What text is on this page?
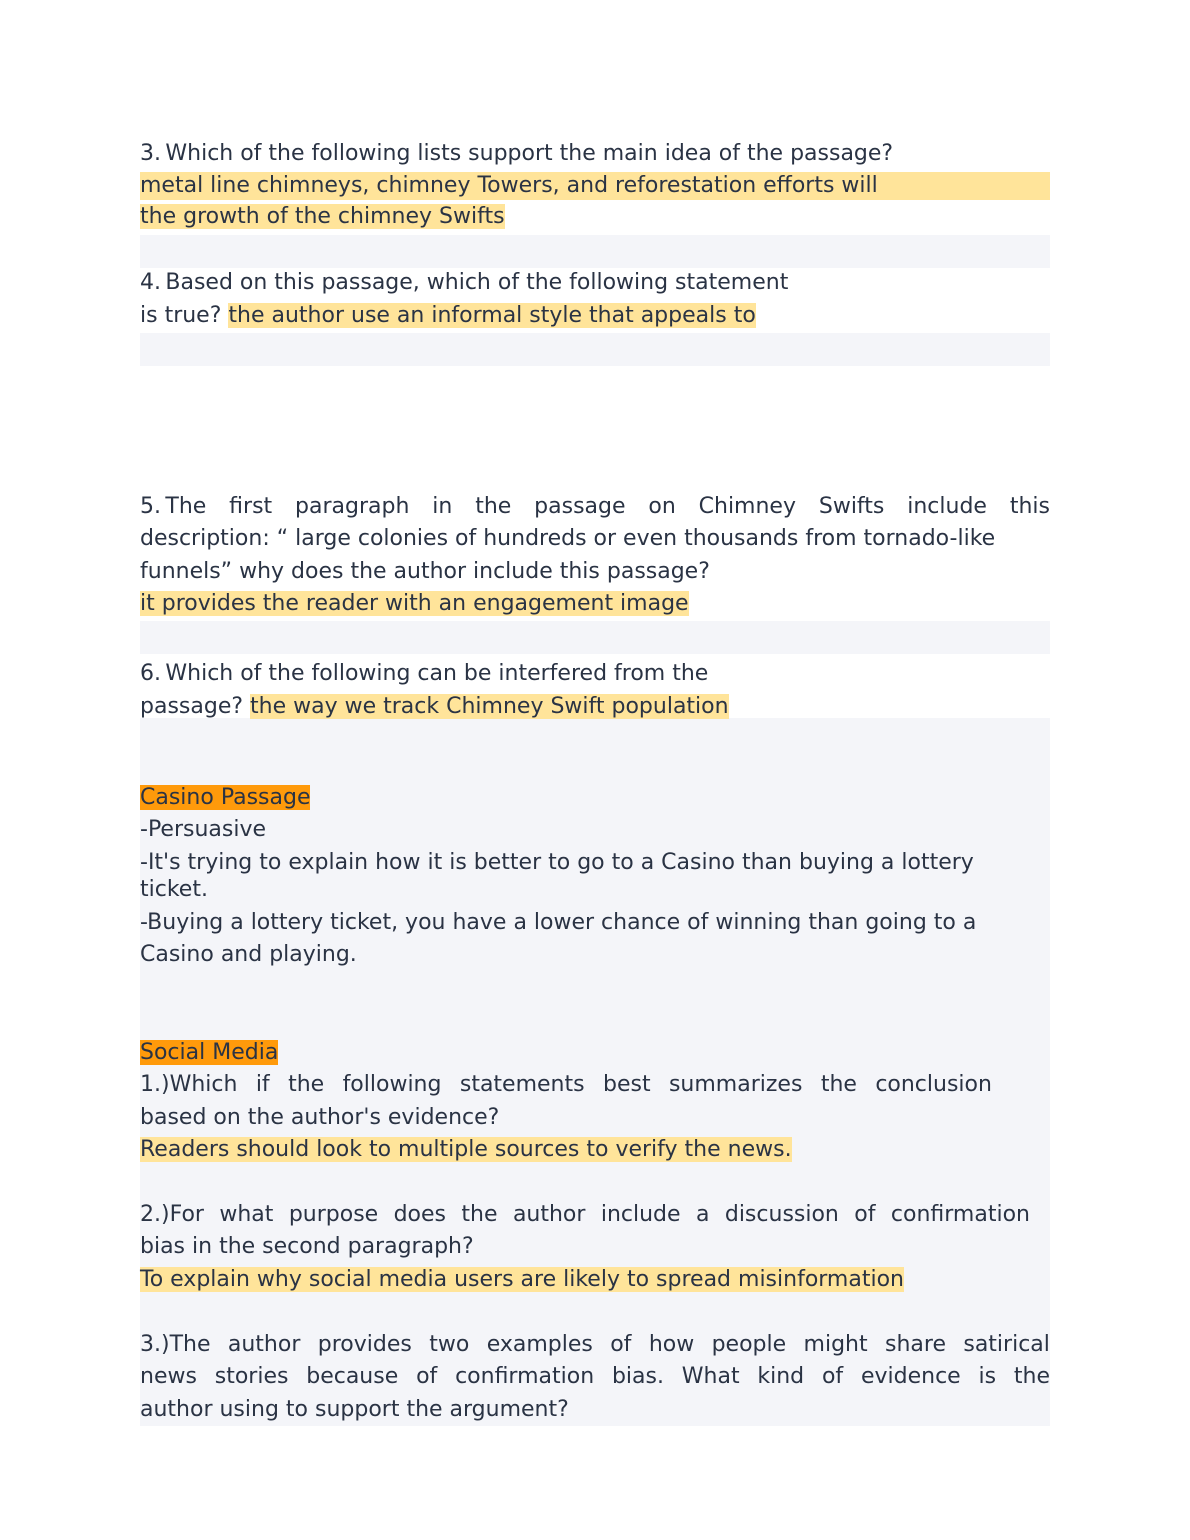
3. Which of the following lists support the main idea of the passage?
metal line chimneys, chimney Towers, and reforestation efforts will
the growth of the chimney Swifts
4. Based on this passage, which of the following statement
is true? the author use an informal style that appeals to
5. The first paragraph in the passage on Chimney Swifts include this
description: “ large colonies of hundreds or even thousands from tornado-like
funnels” why does the author include this passage?
it provides the reader with an engagement image
6. Which of the following can be interfered from the
passage? the way we track Chimney Swift population
Casino Passage
-Persuasive
-It's trying to explain how it is better to go to a Casino than buying a lottery
ticket.
-Buying a lottery ticket, you have a lower chance of winning than going to a
Casino and playing.
Social Media
1.)Which if the following statements best summarizes the conclusion
based on the author's evidence?
Readers should look to multiple sources to verify the news.
2.)For what purpose does the author include a discussion of confirmation
bias in the second paragraph?
To explain why social media users are likely to spread misinformation
3.)The author provides two examples of how people might share satirical
news stories because of confirmation bias. What kind of evidence is the
author using to support the argument?
